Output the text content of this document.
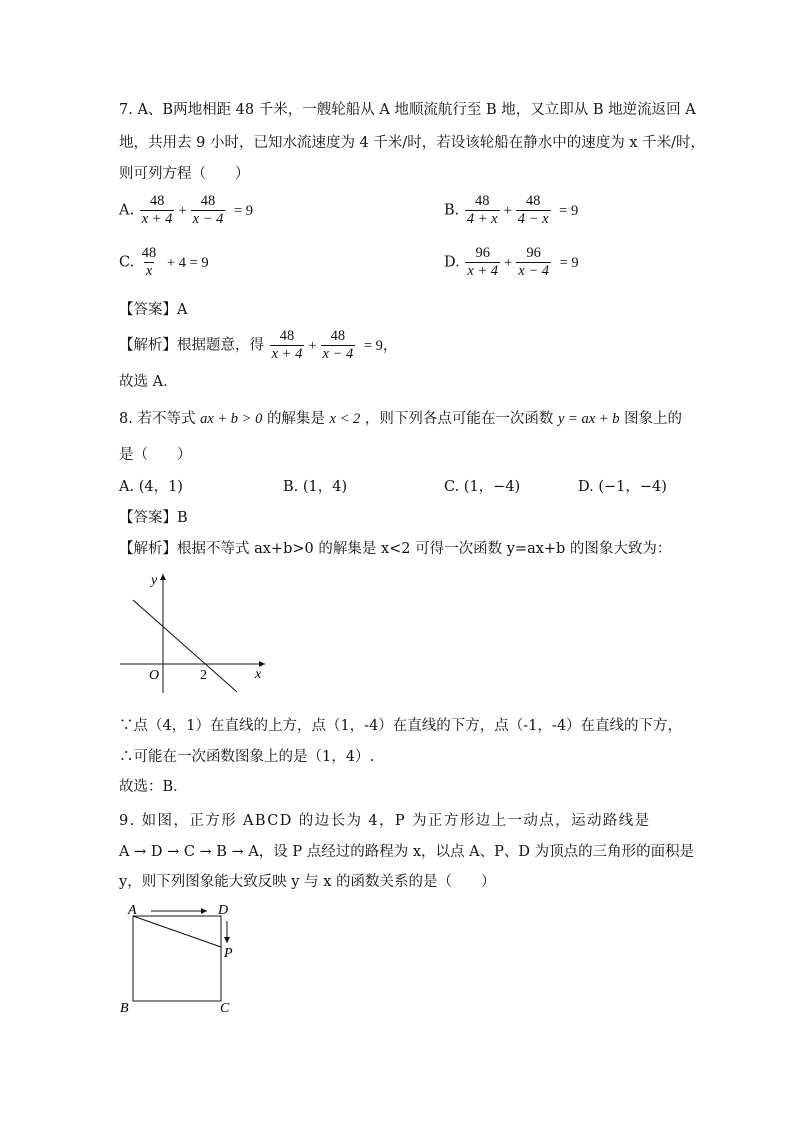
7. A、B两地相距 48 千米，一艘轮船从 A 地顺流航行至 B 地，又立即从 B 地逆流返回 A
地，共用去 9 小时，已知水流速度为 4 千米/时，若设该轮船在静水中的速度为 x 千米/时，
则可列方程（　　）
A. $\frac{48}{x + 4} + \frac{48}{x - 4} = 9$	B. $\frac{48}{4 + x} + \frac{48}{4 - x} = 9$
C. $\frac{48}{x} + 4 = 9$	D. $\frac{96}{x + 4} + \frac{96}{x - 4} = 9$
【答案】A
【解析】根据题意，得 $\frac{48}{x + 4} + \frac{48}{x - 4} = 9$，
故选 A．
8. 若不等式 ax + b > 0 的解集是 x < 2 ，则下列各点可能在一次函数 y = ax + b 图象上的
是（　　）
A. (4，1)	B. (1，4)	C. (1，−4)	D. (−1，−4)
【答案】B
【解析】根据不等式 ax+b>0 的解集是 x<2 可得一次函数 y=ax+b 的图象大致为：
y
x
O	2
∵点（4，1）在直线的上方，点（1，-4）在直线的下方，点（-1，-4）在直线的下方，
∴可能在一次函数图象上的是（1，4）.
故选：B．
9. 如图，正方形 ABCD 的边长为 4，P 为正方形边上一动点，运动路线是
A → D → C → B → A，设 P 点经过的路程为 x，以点 A、P、D 为顶点的三角形的面积是
y，则下列图象能大致反映 y 与 x 的函数关系的是（　　）
A	D
P
B	C
